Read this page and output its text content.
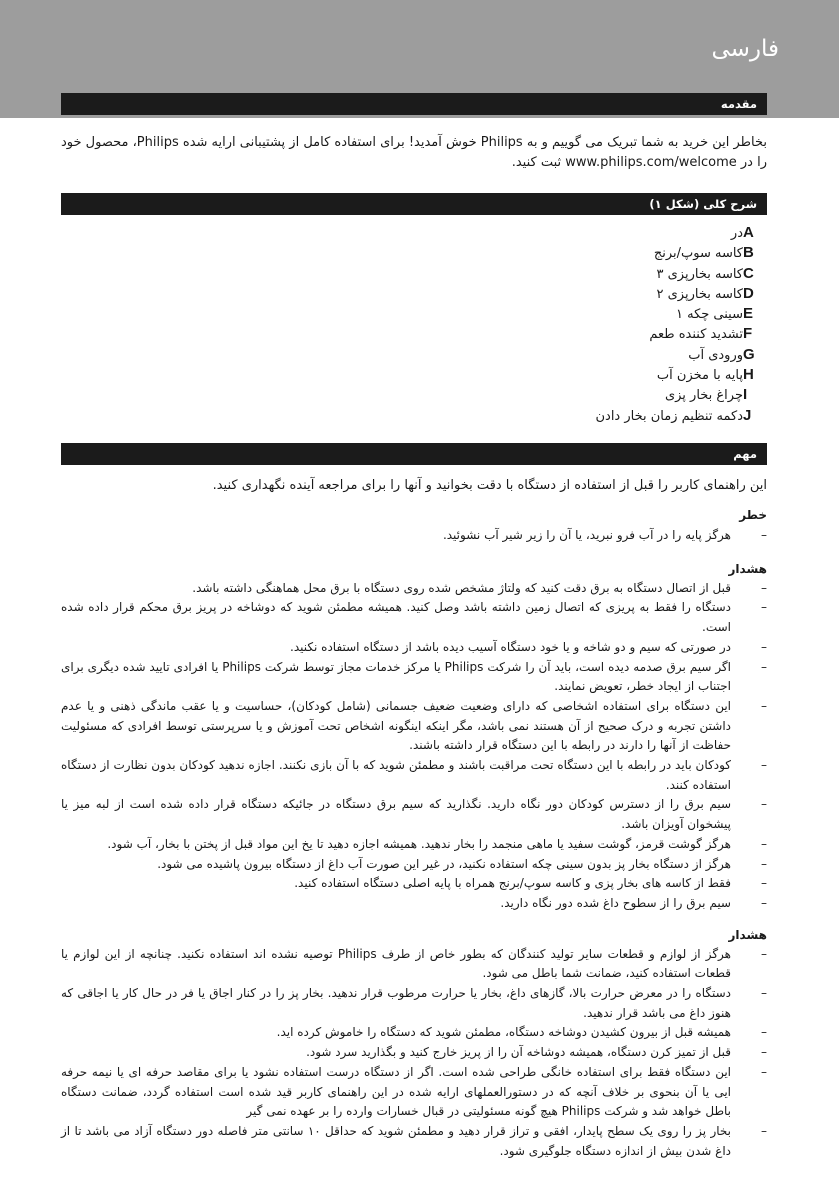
فارسی
مقدمه

بخاطر این خرید به شما تبریک می گوییم و به Philips خوش آمدید! برای استفاده کامل از پشتیبانی ارایه شده Philips، محصول خود را در www.philips.com/welcome ثبت کنید.

شرح کلی (شکل ۱)
Aدر
Bکاسه سوپ/برنج
Cکاسه بخارپزی ۳
Dکاسه بخارپزی ۲
Eسینی چکه ۱
Fتشدید کننده طعم
Gورودی آب
Hپایه با مخزن آب
Iچراغ بخار پزی
Jدکمه تنظیم زمان بخار دادن
مهم

این راهنمای کاربر را قبل از استفاده از دستگاه با دقت بخوانید و آنها را برای مراجعه آینده نگهداری کنید.

خطر

–
هرگز پایه را در آب فرو نبرید، یا آن را زیر شیر آب نشوئید.

هشدار

–
قبل از اتصال دستگاه به برق دقت کنید که ولتاژ مشخص شده روی دستگاه با برق محل هماهنگی داشته باشد.
–
دستگاه را فقط به پریزی که اتصال زمین داشته باشد وصل کنید. همیشه مطمئن شوید که دوشاخه در پریز برق محکم قرار داده شده است.
–
در صورتی که سیم و دو شاخه و یا خود دستگاه آسیب دیده باشد از دستگاه استفاده نکنید.
–
اگر سیم برق صدمه دیده است، باید آن را شرکت Philips یا مرکز خدمات مجاز توسط شرکت Philips یا افرادی تایید شده دیگری برای اجتناب از ایجاد خطر، تعویض نمایند.
–
این دستگاه برای استفاده اشخاصی که دارای وضعیت ضعیف جسمانی (شامل کودکان)، حساسیت و یا عقب ماندگی ذهنی و یا عدم داشتن تجربه و درک صحیح از آن هستند نمی باشد، مگر اینکه اینگونه اشخاص تحت آموزش و یا سرپرستی توسط افرادی که مسئولیت حفاظت از آنها را دارند در رابطه با این دستگاه قرار داشته باشند.
–
کودکان باید در رابطه با این دستگاه تحت مراقبت باشند و مطمئن شوید که با آن بازی نکنند. اجازه ندهید کودکان بدون نظارت از دستگاه استفاده کنند.
–
سیم برق را از دسترس کودکان دور نگاه دارید. نگذارید که سیم برق دستگاه در جائیکه دستگاه قرار داده شده است از لبه میز یا پیشخوان آویزان باشد.
–
هرگز گوشت قرمز، گوشت سفید یا ماهی منجمد را بخار ندهید. همیشه اجازه دهید تا یخ این مواد قبل از پختن با بخار، آب شود.
–
هرگز از دستگاه بخار پز بدون سینی چکه استفاده نکنید، در غیر این صورت آب داغ از دستگاه بیرون پاشیده می شود.
–
فقط از کاسه های بخار پزی و کاسه سوپ/برنج همراه با پایه اصلی دستگاه استفاده کنید.
–
سیم برق را از سطوح داغ شده دور نگاه دارید.

هشدار

–
هرگز از لوازم و قطعات سایر تولید کنندگان که بطور خاص از طرف Philips توصیه نشده اند استفاده نکنید. چنانچه از این لوازم یا قطعات استفاده کنید، ضمانت شما باطل می شود.
–
دستگاه را در معرض حرارت بالا، گازهای داغ، بخار یا حرارت مرطوب قرار ندهید. بخار پز را در کنار اجاق یا فر در حال کار یا اجاقی که هنوز داغ می باشد قرار ندهید.
–
همیشه قبل از بیرون کشیدن دوشاخه دستگاه، مطمئن شوید که دستگاه را خاموش کرده اید.
–
قبل از تمیز کرن دستگاه، همیشه دوشاخه آن را از پریز خارج کنید و بگذارید سرد شود.
–
این دستگاه فقط برای استفاده خانگی طراحی شده است. اگر از دستگاه درست استفاده نشود یا برای مقاصد حرفه ای یا نیمه حرفه ایی یا آن بنحوی بر خلاف آنچه که در دستورالعملهای ارایه شده در این راهنمای کاربر قید شده است استفاده گردد، ضمانت دستگاه باطل خواهد شد و شرکت Philips هیچ گونه مسئولیتی در قبال خسارات وارده را بر عهده نمی گیر
–
بخار پز را روی یک سطح پایدار، افقی و تراز قرار دهید و مطمئن شوید که حداقل ۱۰ سانتی متر فاصله دور دستگاه آزاد می باشد تا از داغ شدن بیش از اندازه دستگاه جلوگیری شود.
